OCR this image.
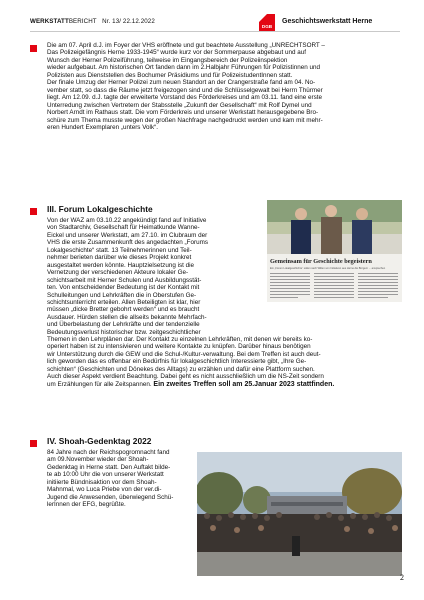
WERKSTATTBERICHT Nr. 13/ 22.12.2022
DGB
Geschichtswerkstatt Herne
Die am 07. April d.J. im Foyer der VHS eröffnete und gut beachtete Ausstellung „UNRECHTSORT –
Das Polizeigefängnis Herne 1933-1945“ wurde kurz vor der Sommerpause abgebaut und auf
Wunsch der Herner Polizeiführung, teilweise im Eingangsbereich der Polizeiinspektion
wieder aufgebaut. Am historischen Ort fanden dann im 2.Halbjahr Führungen für Polizistinnen und
Polizisten aus Dienststellen des Bochumer Präsidiums und für PolizeistudentInnen statt.
Der finale Umzug der Herner Polizei zum neuen Standort an der Crangerstraße fand am 04. No-
vember statt, so dass die Räume jetzt freigezogen sind und die Schlüsselgewalt bei Herrn Thürmer
liegt. Am 12.09. d.J. tagte der erweiterte Vorstand des Förderkreises und am 03.11. fand eine erste
Unterredung zwischen Vertretern der Stabsstelle „Zukunft der Gesellschaft“ mit Rolf Dymel und
Norbert Arndt im Rathaus statt. Die vom Förderkreis und unserer Werkstatt herausgegebene Bro-
schüre zum Thema musste wegen der großen Nachfrage nachgedruckt werden und kam mit mehr-
eren Hundert Exemplaren „unters Volk“.
III. Forum Lokalgeschichte
Von der WAZ am 03.10.22 angekündigt fand auf Initiative
von Stadtarchiv, Gesellschaft für Heimatkunde Wanne-
Eickel und unserer Werkstatt, am 27.10. im Clubraum der
VHS die erste Zusammenkunft des angedachten „Forums
Lokalgeschichte“ statt. 13 Teilnehmerinnen und Teil-
nehmer berieten darüber wie dieses Projekt konkret
ausgestaltet werden könnte. Hauptzielsetzung ist die
Vernetzung der verschiedenen Akteure lokaler Ge-
schichtsarbeit mit Herner Schulen und Ausbildungsstät-
ten. Von entscheidender Bedeutung ist der Kontakt mit
Schulleitungen und Lehrkräften die in Oberstufen Ge-
schichtsunterricht erteilen. Allen Beteiligten ist klar, hier
müssen „dicke Bretter gebohrt werden“ und es braucht
Ausdauer. Hürden stellen die allseits bekannte Mehrfach-
und Überbelastung der Lehrkräfte und der tendenzielle
Bedeutungsverlust historischer bzw. zeitgeschichtlicher
Gemeinsam für Geschichte begeistern
Ein „Forum Lokalgeschichte“ sollen nach Willen von Initiativen aus Herne die Bürgern ... ansprechen
Themen in den Lehrplänen dar. Der Kontakt zu einzelnen Lehrkräften, mit denen wir bereits ko-
operiert haben ist zu intensivieren und weitere Kontakte zu knüpfen. Darüber hinaus benötigen
wir Unterstützung durch die GEW und die Schul-/Kultur-verwaltung. Bei dem Treffen ist auch deut-
lich geworden das es offenbar ein Bedürfnis für lokalgeschichtlich Interessierte gibt, „Ihre Ge-
schichten“ (Geschichten und Dönekes des Alltags) zu erzählen und dafür eine Plattform suchen.
Auch dieser Aspekt verdient Beachtung. Dabei geht es nicht ausschließlich um die NS-Zeit sondern
um Erzählungen für alle Zeitspannen. Ein zweites Treffen soll am 25.Januar 2023 stattfinden.
IV. Shoah-Gedenktag 2022
84 Jahre nach der Reichspogromnacht fand
am 09.November wieder der Shoah-
Gedenktag in Herne statt. Den Auftakt bilde-
te ab 10:00 Uhr die von unserer Werkstatt
initiierte Bündnisaktion vor dem Shoah-
Mahnmal, wo Luca Priebe von der ver.di-
Jugend die Anwesenden, überwiegend Schü-
lerInnen der EFG, begrüßte.
2
